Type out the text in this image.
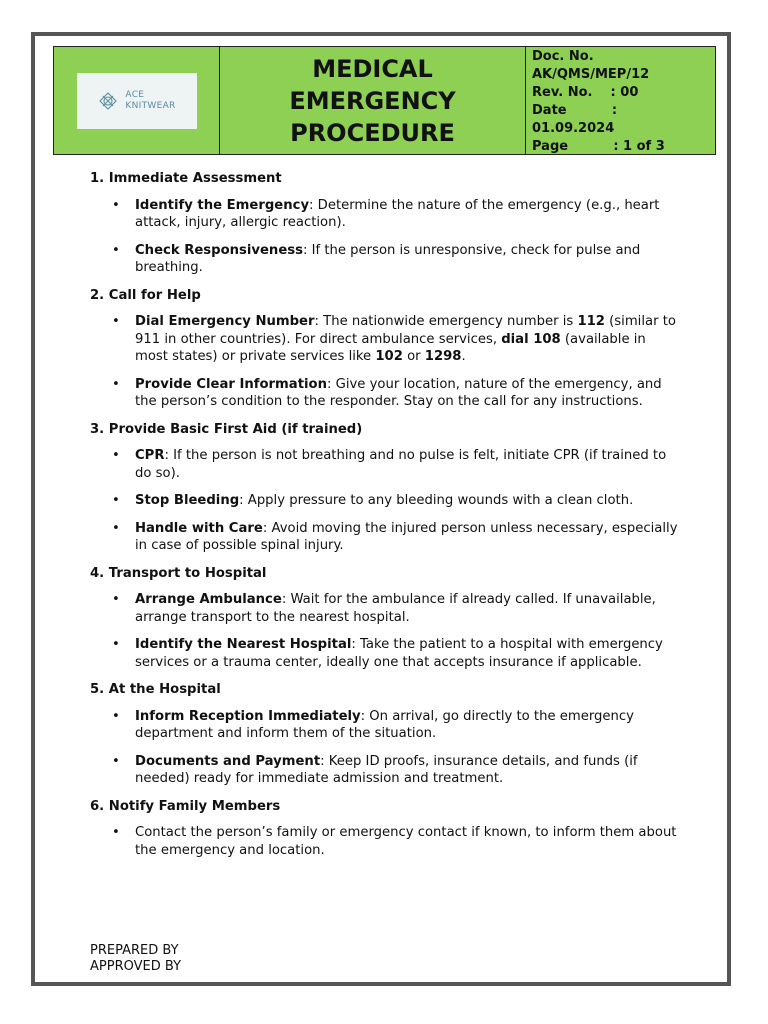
ACE
KNITWEAR
MEDICAL
EMERGENCY
PROCEDURE
Doc. No.
AK/QMS/MEP/12
Rev. No.    : 00
Date          :
01.09.2024
Page          : 1 of 3

1. Immediate Assessment

• Identify the Emergency: Determine the nature of the emergency (e.g., heart attack, injury, allergic reaction).
• Check Responsiveness: If the person is unresponsive, check for pulse and breathing.

2. Call for Help

• Dial Emergency Number: The nationwide emergency number is 112 (similar to 911 in other countries). For direct ambulance services, dial 108 (available in most states) or private services like 102 or 1298.
• Provide Clear Information: Give your location, nature of the emergency, and the person’s condition to the responder. Stay on the call for any instructions.

3. Provide Basic First Aid (if trained)

• CPR: If the person is not breathing and no pulse is felt, initiate CPR (if trained to do so).
• Stop Bleeding: Apply pressure to any bleeding wounds with a clean cloth.
• Handle with Care: Avoid moving the injured person unless necessary, especially in case of possible spinal injury.

4. Transport to Hospital

• Arrange Ambulance: Wait for the ambulance if already called. If unavailable, arrange transport to the nearest hospital.
• Identify the Nearest Hospital: Take the patient to a hospital with emergency services or a trauma center, ideally one that accepts insurance if applicable.

5. At the Hospital

• Inform Reception Immediately: On arrival, go directly to the emergency department and inform them of the situation.
• Documents and Payment: Keep ID proofs, insurance details, and funds (if needed) ready for immediate admission and treatment.

6. Notify Family Members

• Contact the person’s family or emergency contact if known, to inform them about the emergency and location.
PREPARED BY
APPROVED BY
